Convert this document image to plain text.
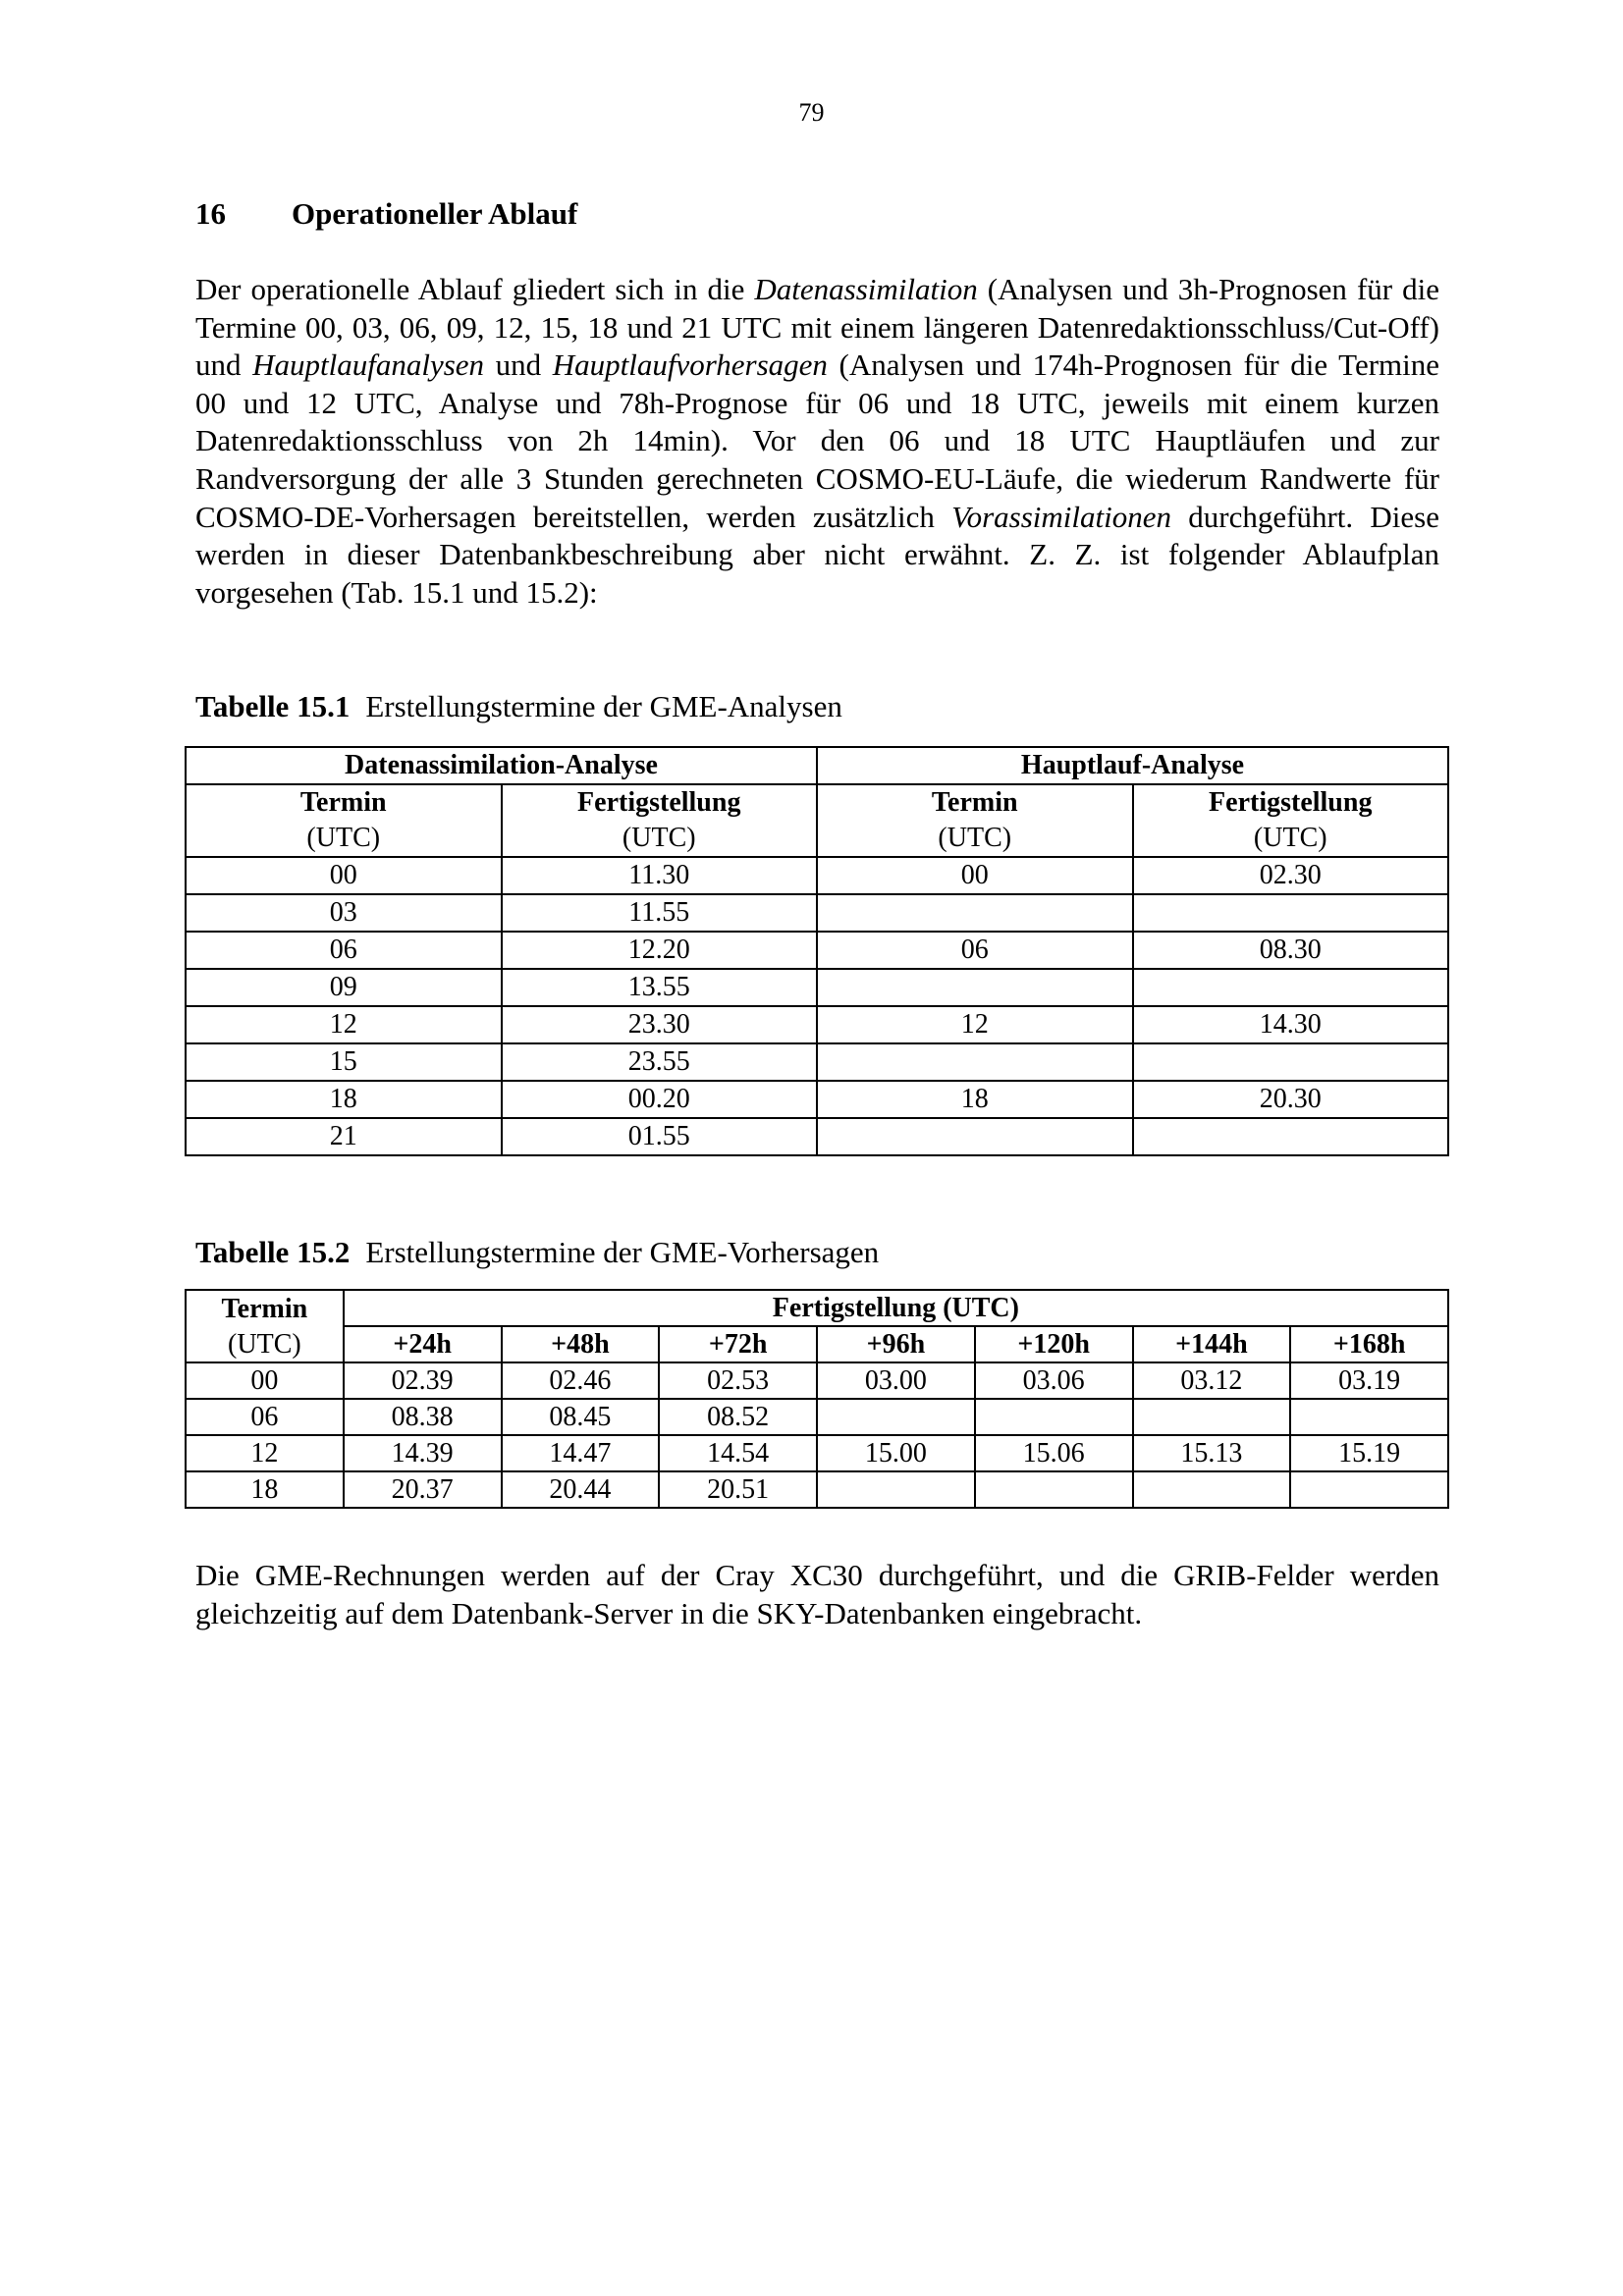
79
16 Operationeller Ablauf
Der operationelle Ablauf gliedert sich in die Datenassimilation (Analysen und 3h-Prognosen für die Termine 00, 03, 06, 09, 12, 15, 18 und 21 UTC mit einem längeren Datenredaktionsschluss/Cut-Off) und Hauptlaufanalysen und Hauptlaufvorhersagen (Analysen und 174h-Prognosen für die Termine 00 und 12 UTC, Analyse und 78h-Prognose für 06 und 18 UTC, jeweils mit einem kurzen Datenredaktionsschluss von 2h 14min). Vor den 06 und 18 UTC Hauptläufen und zur Randversorgung der alle 3 Stunden gerechneten COSMO-EU-Läufe, die wiederum Randwerte für COSMO-DE-Vorhersagen bereitstellen, werden zusätzlich Vorassimilationen durchgeführt. Diese werden in dieser Datenbankbeschreibung aber nicht erwähnt. Z. Z. ist folgender Ablaufplan vorgesehen (Tab. 15.1 und 15.2):
Tabelle 15.1 Erstellungstermine der GME-Analysen
Datenassimilation-Analyse		Hauptlauf-Analyse	
Termin	Fertigstellung	Termin	Fertigstellung
(UTC)	(UTC)	(UTC)	(UTC)
00	11.30	00	02.30
03	11.55		
06	12.20	06	08.30
09	13.55		
12	23.30	12	14.30
15	23.55		
18	00.20	18	20.30
21	01.55		
Tabelle 15.2 Erstellungstermine der GME-Vorhersagen
Termin	Fertigstellung (UTC)						
(UTC)	+24h	+48h	+72h	+96h	+120h	+144h	+168h
00	02.39	02.46	02.53	03.00	03.06	03.12	03.19
06	08.38	08.45	08.52				
12	14.39	14.47	14.54	15.00	15.06	15.13	15.19
18	20.37	20.44	20.51				
Die GME-Rechnungen werden auf der Cray XC30 durchgeführt, und die GRIB-Felder werden gleichzeitig auf dem Datenbank-Server in die SKY-Datenbanken eingebracht.
